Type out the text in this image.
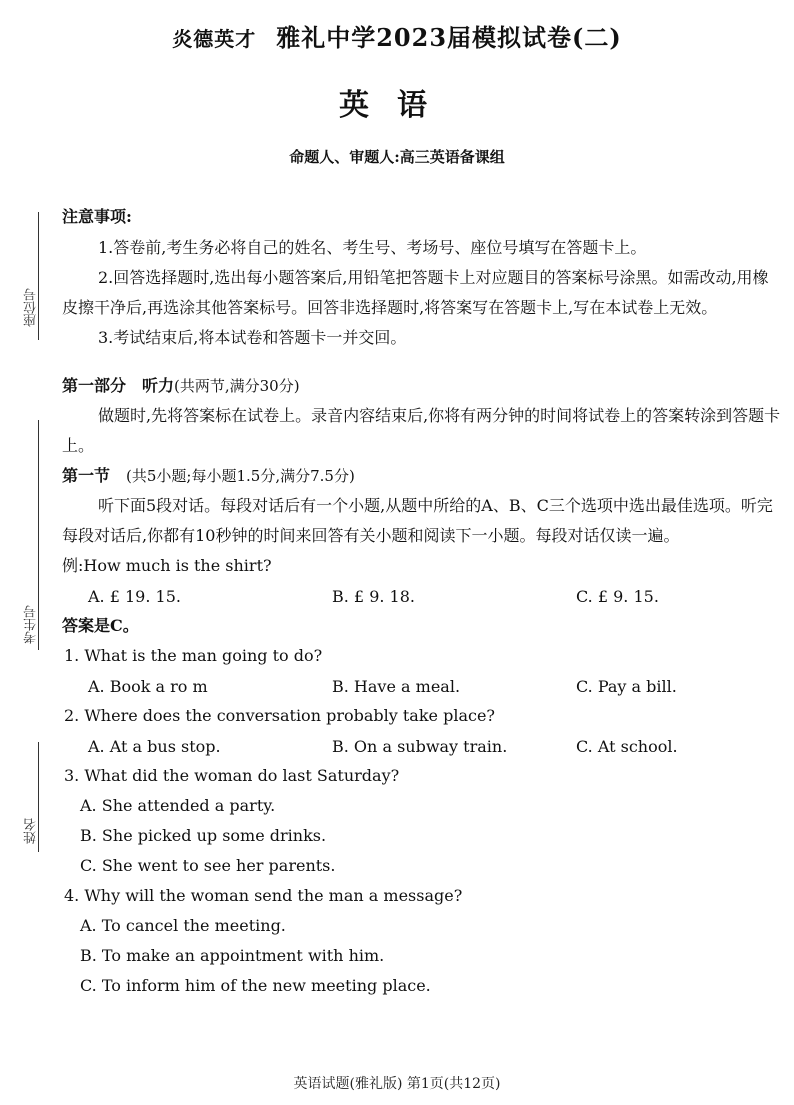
座位号
考生号
姓名
炎德英才 雅礼中学2023届模拟试卷(二)
英语
命题人、审题人:高三英语备课组
注意事项:
1.答卷前,考生务必将自己的姓名、考生号、考场号、座位号填写在答题卡上。
2.回答选择题时,选出每小题答案后,用铅笔把答题卡上对应题目的答案标号涂黑。如需改动,用橡皮擦干净后,再选涂其他答案标号。回答非选择题时,将答案写在答题卡上,写在本试卷上无效。
3.考试结束后,将本试卷和答题卡一并交回。
第一部分　听力(共两节,满分30分)
做题时,先将答案标在试卷上。录音内容结束后,你将有两分钟的时间将试卷上的答案转涂到答题卡上。
第一节　 (共5小题;每小题1.5分,满分7.5分)
听下面5段对话。每段对话后有一个小题,从题中所给的A、B、C三个选项中选出最佳选项。听完每段对话后,你都有10秒钟的时间来回答有关小题和阅读下一小题。每段对话仅读一遍。
例:How much is the shirt?
A. £ 19. 15.	B. £ 9. 18.	C. £ 9. 15.
答案是C。
1. What is the man going to do?
A. Book a ro m	B. Have a meal.	C. Pay a bill.
2. Where does the conversation probably take place?
A. At a bus stop.	B. On a subway train.	C. At school.
3. What did the woman do last Saturday?
A. She attended a party.
B. She picked up some drinks.
C. She went to see her parents.
4. Why will the woman send the man a message?
A. To cancel the meeting.
B. To make an appointment with him.
C. To inform him of the new meeting place.
英语试题(雅礼版) 第1页(共12页)
